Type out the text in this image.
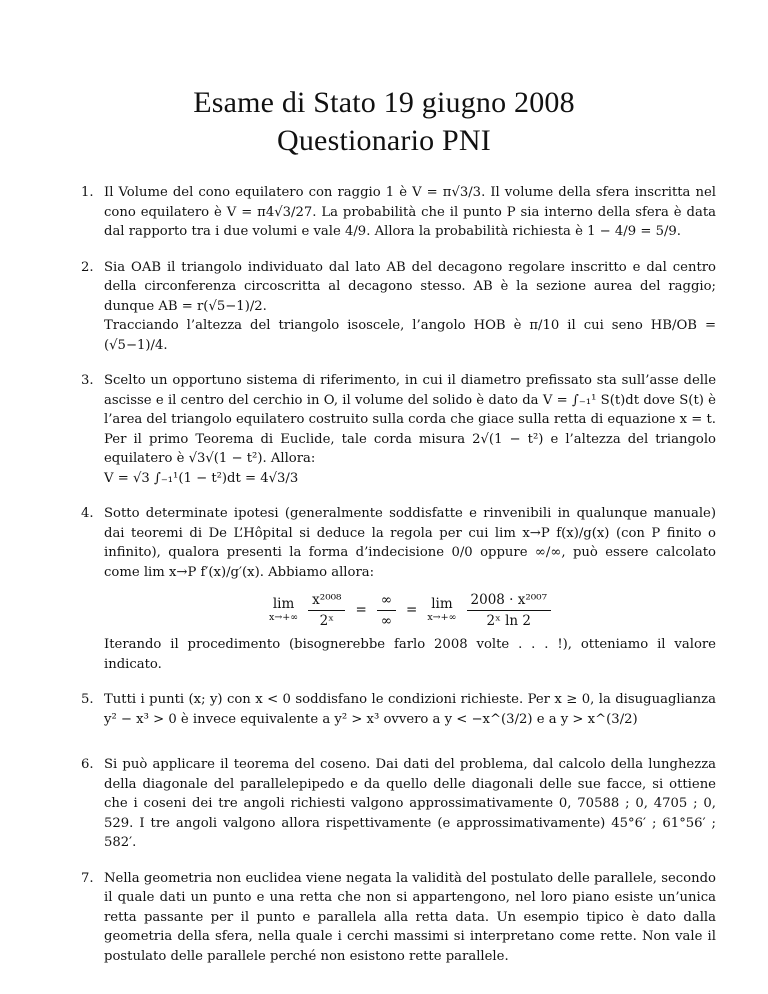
Esame di Stato 19 giugno 2008
Questionario PNI
1. Il Volume del cono equilatero con raggio 1 è V = π√3/3. Il volume della sfera inscritta nel cono equilatero è V = π4√3/27. La probabilità che il punto P sia interno della sfera è data dal rapporto tra i due volumi e vale 4/9. Allora la probabilità richiesta è 1 − 4/9 = 5/9.

2. Sia OAB il triangolo individuato dal lato AB del decagono regolare inscritto e dal centro della circonferenza circoscritta al decagono stesso. AB è la sezione aurea del raggio; dunque AB = r(√5−1)/2.

Tracciando l’altezza del triangolo isoscele, l’angolo HOB è π/10 il cui seno HB/OB = (√5−1)/4.

3. Scelto un opportuno sistema di riferimento, in cui il diametro prefissato sta sull’asse delle ascisse e il centro del cerchio in O, il volume del solido è dato da V = ∫₋₁¹ S(t)dt dove S(t) è l’area del triangolo equilatero costruito sulla corda che giace sulla retta di equazione x = t.

Per il primo Teorema di Euclide, tale corda misura 2√(1 − t²) e l’altezza del triangolo equilatero è √3√(1 − t²). Allora:

V = √3 ∫₋₁¹(1 − t²)dt = 4√3/3

4. Sotto determinate ipotesi (generalmente soddisfatte e rinvenibili in qualunque manuale) dai teoremi di De L’Hôpital si deduce la regola per cui lim x→P f(x)/g(x) (con P finito o infinito), qualora presenti la forma d’indecisione 0/0 oppure ∞/∞, può essere calcolato come lim x→P f′(x)/g′(x). Abbiamo allora:

lim
$x\to+\infty \frac{\text{x²⁰⁰⁸}}{\text{2ˣ}} = \frac{\infty}{\infty} = \lim$
$x\to+\infty \frac{\text{2008 · x²⁰⁰⁷}}{\text{2ˣ ln 2}}$

Iterando il procedimento (bisognerebbe farlo 2008 volte . . . !), otteniamo il valore indicato.

5. Tutti i punti (x; y) con x < 0 soddisfano le condizioni richieste. Per x ≥ 0, la disuguaglianza y² − x³ > 0 è invece equivalente a y² > x³ ovvero a y < −x^(3/2) e a y > x^(3/2)

6. Si può applicare il teorema del coseno. Dai dati del problema, dal calcolo della lunghezza della diagonale del parallelepipedo e da quello delle diagonali delle sue facce, si ottiene che i coseni dei tre angoli richiesti valgono approssimativamente 0, 70588 ; 0, 4705 ; 0, 529. I tre angoli valgono allora rispettivamente (e approssimativamente) 45°6′ ; 61°56′ ; 582′.

7. Nella geometria non euclidea viene negata la validità del postulato delle parallele, secondo il quale dati un punto e una retta che non si appartengono, nel loro piano esiste un’unica retta passante per il punto e parallela alla retta data. Un esempio tipico è dato dalla geometria della sfera, nella quale i cerchi massimi si interpretano come rette. Non vale il postulato delle parallele perché non esistono rette parallele.
